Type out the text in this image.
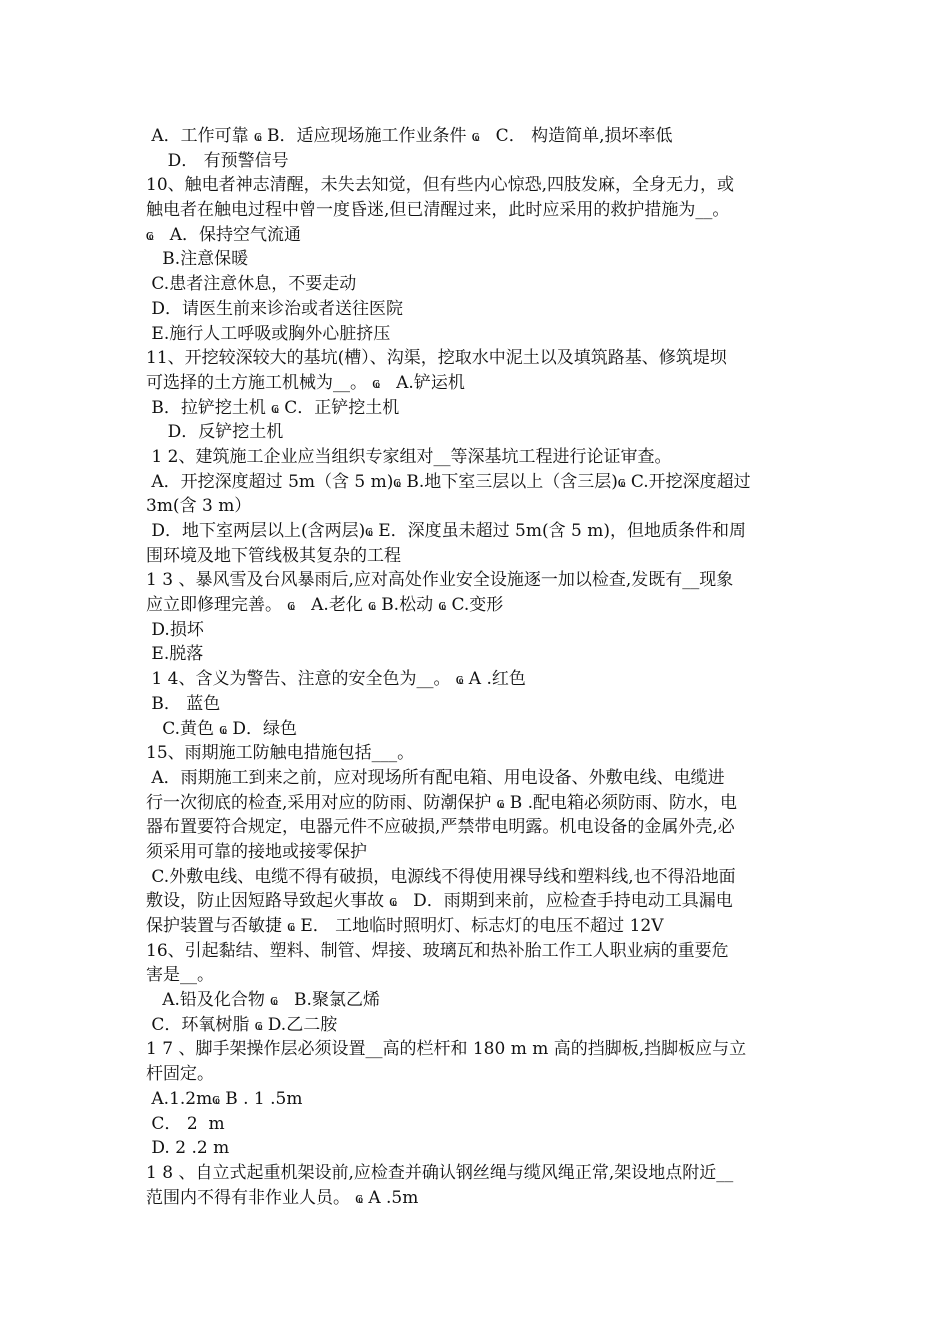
A．工作可靠 ҩ B．适应现场施工作业条件 ҩ   C． 构造简单,损坏率低
D． 有预警信号
10、触电者神志清醒，未失去知觉，但有些内心惊恐,四肢发麻，全身无力，或
触电者在触电过程中曾一度昏迷,但已清醒过来，此时应采用的救护措施为__。
ҩ   A．保持空气流通
B.注意保暖
C.患者注意休息，不要走动
D．请医生前来诊治或者送往医院
E.施行人工呼吸或胸外心脏挤压
11、开挖较深较大的基坑(槽）、沟渠，挖取水中泥土以及填筑路基、修筑堤坝
可选择的土方施工机械为__。 ҩ   A.铲运机
B．拉铲挖土机 ҩ C．正铲挖土机
D．反铲挖土机
1 2、建筑施工企业应当组织专家组对__等深基坑工程进行论证审查。
A．开挖深度超过 5m（含 5 m)ҩ B.地下室三层以上（含三层)ҩ C.开挖深度超过
3m(含 3 m）
D．地下室两层以上(含两层)ҩ E．深度虽未超过 5m(含 5 m)，但地质条件和周
围环境及地下管线极其复杂的工程
1 3 、暴风雪及台风暴雨后,应对高处作业安全设施逐一加以检查,发既有__现象
应立即修理完善。 ҩ   A.老化 ҩ B.松动 ҩ C.变形
D.损坏
E.脱落
1 4、含义为警告、注意的安全色为__。 ҩ A .红色
B． 蓝色
C.黄色 ҩ D．绿色
15、雨期施工防触电措施包括___。
A．雨期施工到来之前，应对现场所有配电箱、用电设备、外敷电线、电缆进
行一次彻底的检查,采用对应的防雨、防潮保护 ҩ B .配电箱必须防雨、防水，电
器布置要符合规定，电器元件不应破损,严禁带电明露。机电设备的金属外壳,必
须采用可靠的接地或接零保护
C.外敷电线、电缆不得有破损，电源线不得使用裸导线和塑料线,也不得沿地面
敷设，防止因短路导致起火事故 ҩ   D．雨期到来前，应检查手持电动工具漏电
保护装置与否敏捷 ҩ E． 工地临时照明灯、标志灯的电压不超过 12V
16、引起黏结、塑料、制管、焊接、玻璃瓦和热补胎工作工人职业病的重要危
害是__。
A.铅及化合物 ҩ   B.聚氯乙烯
C．环氧树脂 ҩ D.乙二胺
1 7 、脚手架操作层必须设置__高的栏杆和 180 m m 高的挡脚板,挡脚板应与立
杆固定。
A.1.2mҩ B . 1 .5m
C． 2  m
D. 2 .2 m
1 8 、自立式起重机架设前,应检查并确认钢丝绳与缆风绳正常,架设地点附近__
范围内不得有非作业人员。 ҩ A .5m
